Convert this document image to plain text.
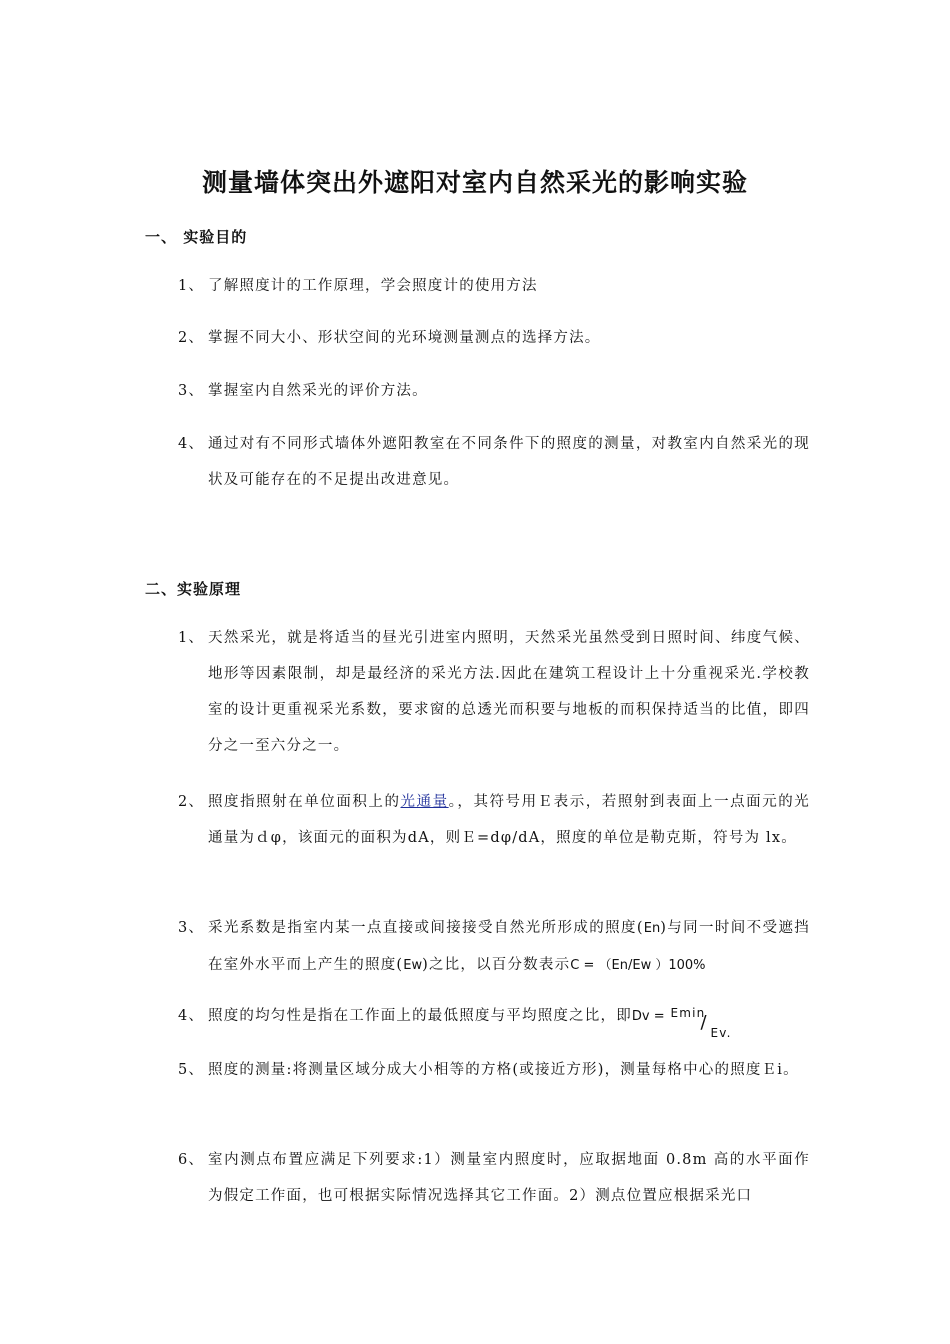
测量墙体突出外遮阳对室内自然采光的影响实验
一、 实验目的
1、 了解照度计的工作原理，学会照度计的使用方法
2、 掌握不同大小、形状空间的光环境测量测点的选择方法。
3、 掌握室内自然采光的评价方法。
4、 通过对有不同形式墙体外遮阳教室在不同条件下的照度的测量，对教室内自然采光的现状及可能存在的不足提出改进意见。
二、实验原理
1、 天然采光，就是将适当的昼光引进室内照明，天然采光虽然受到日照时间、纬度气候、地形等因素限制，却是最经济的采光方法.因此在建筑工程设计上十分重视采光.学校教室的设计更重视采光系数，要求窗的总透光而积要与地板的而积保持适当的比值，即四分之一至六分之一。
2、 照度指照射在单位面积上的光通量。，其符号用Ｅ表示，若照射到表面上一点面元的光通量为ｄφ，该面元的面积为dA，则Ｅ=dφ/dA，照度的单位是勒克斯，符号为 lx。
3、 采光系数是指室内某一点直接或间接接受自然光所形成的照度(En)与同一时间不受遮挡在室外水平而上产生的照度(Ew)之比，以百分数表示C = （En/Ew ）100%
4、 照度的均匀性是指在工作面上的最低照度与平均照度之比，即Dv = Emin
/ Ev.
5、 照度的测量:将测量区域分成大小相等的方格(或接近方形)，测量每格中心的照度Ｅi。
6、 室内测点布置应满足下列要求:1）测量室内照度时，应取据地面 0.8m 高的水平面作为假定工作面，也可根据实际情况选择其它工作面。2）测点位置应根据采光口
